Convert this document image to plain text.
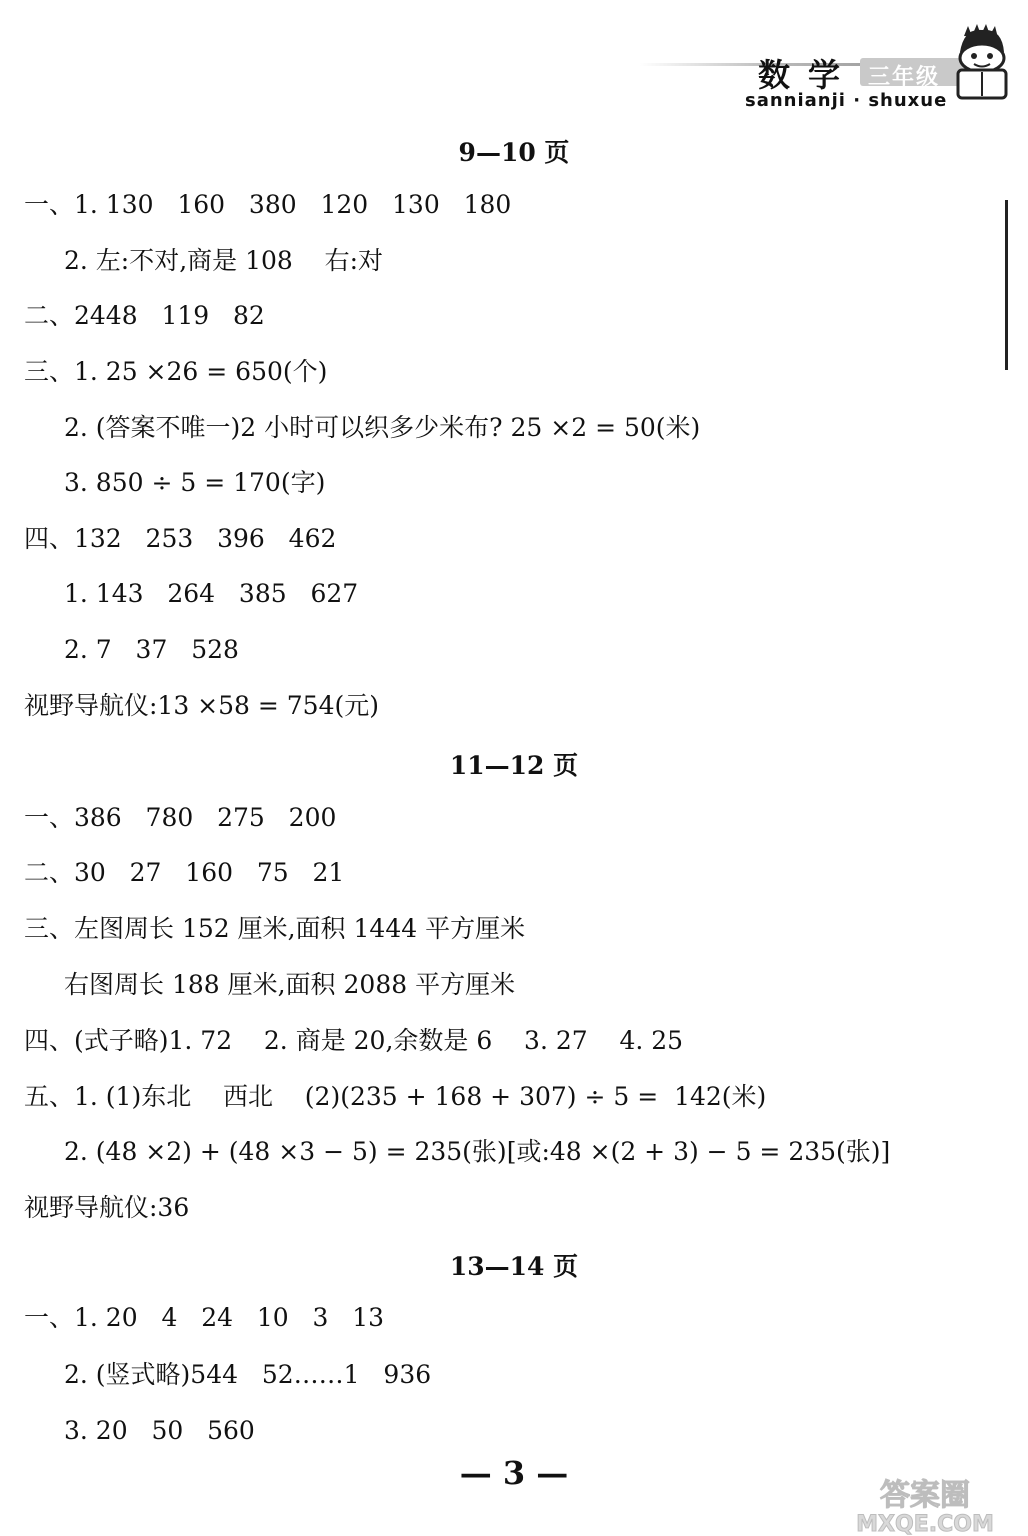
数学 三年级
sannianji · shuxue
9—10 页
一、1. 130   160   380   120   130   180
2. 左:不对,商是 108    右:对
二、2448   119   82
三、1. 25 ×26 = 650(个)
2. (答案不唯一)2 小时可以织多少米布? 25 ×2 = 50(米)
3. 850 ÷ 5 = 170(字)
四、132   253   396   462
1. 143   264   385   627
2. 7   37   528
视野导航仪:13 ×58 = 754(元)
11—12 页
一、386   780   275   200
二、30   27   160   75   21
三、左图周长 152 厘米,面积 1444 平方厘米
右图周长 188 厘米,面积 2088 平方厘米
四、(式子略)1. 72    2. 商是 20,余数是 6    3. 27    4. 25
五、1. (1)东北    西北    (2)(235 + 168 + 307) ÷ 5 =  142(米)
2. (48 ×2) + (48 ×3 − 5) = 235(张)[或:48 ×(2 + 3) − 5 = 235(张)]
视野导航仪:36
13—14 页
一、1. 20   4   24   10   3   13
2. (竖式略)544   52……1   936
3. 20   50   560
— 3 —
答案圈
MXQE.COM
